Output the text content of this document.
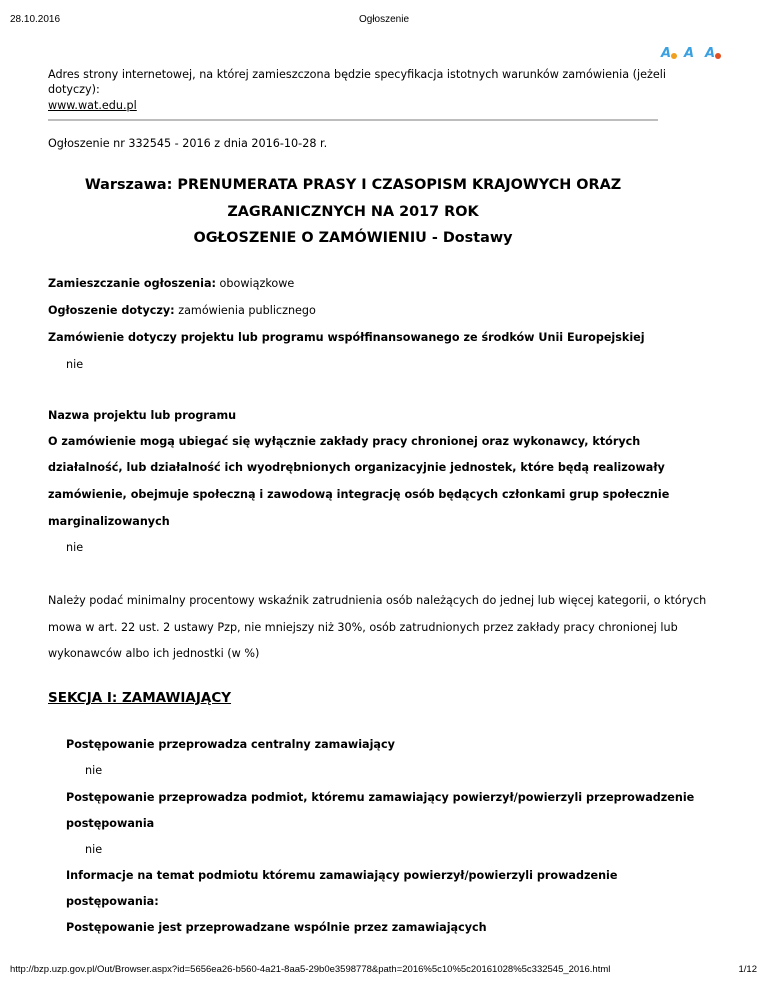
28.10.2016	Ogłoszenie
A A A
Adres strony internetowej, na której zamieszczona będzie specyfikacja istotnych warunków zamówienia (jeżeli
dotyczy):
www.wat.edu.pl
Ogłoszenie nr 332545 - 2016 z dnia 2016-10-28 r.
Warszawa: PRENUMERATA PRASY I CZASOPISM KRAJOWYCH ORAZ
ZAGRANICZNYCH NA 2017 ROK
OGŁOSZENIE O ZAMÓWIENIU - Dostawy
Zamieszczanie ogłoszenia: obowiązkowe
Ogłoszenie dotyczy: zamówienia publicznego
Zamówienie dotyczy projektu lub programu współfinansowanego ze środków Unii Europejskiej
nie
Nazwa projektu lub programu
O zamówienie mogą ubiegać się wyłącznie zakłady pracy chronionej oraz wykonawcy, których
działalność, lub działalność ich wyodrębnionych organizacyjnie jednostek, które będą realizowały
zamówienie, obejmuje społeczną i zawodową integrację osób będących członkami grup społecznie
marginalizowanych
nie
Należy podać minimalny procentowy wskaźnik zatrudnienia osób należących do jednej lub więcej kategorii, o których
mowa w art. 22 ust. 2 ustawy Pzp, nie mniejszy niż 30%, osób zatrudnionych przez zakłady pracy chronionej lub
wykonawców albo ich jednostki (w %)
SEKCJA I: ZAMAWIAJĄCY
Postępowanie przeprowadza centralny zamawiający
nie
Postępowanie przeprowadza podmiot, któremu zamawiający powierzył/powierzyli przeprowadzenie
postępowania
nie
Informacje na temat podmiotu któremu zamawiający powierzył/powierzyli prowadzenie
postępowania:
Postępowanie jest przeprowadzane wspólnie przez zamawiających
http://bzp.uzp.gov.pl/Out/Browser.aspx?id=5656ea26-b560-4a21-8aa5-29b0e3598778&path=2016%5c10%5c20161028%5c332545_2016.html	1/12
